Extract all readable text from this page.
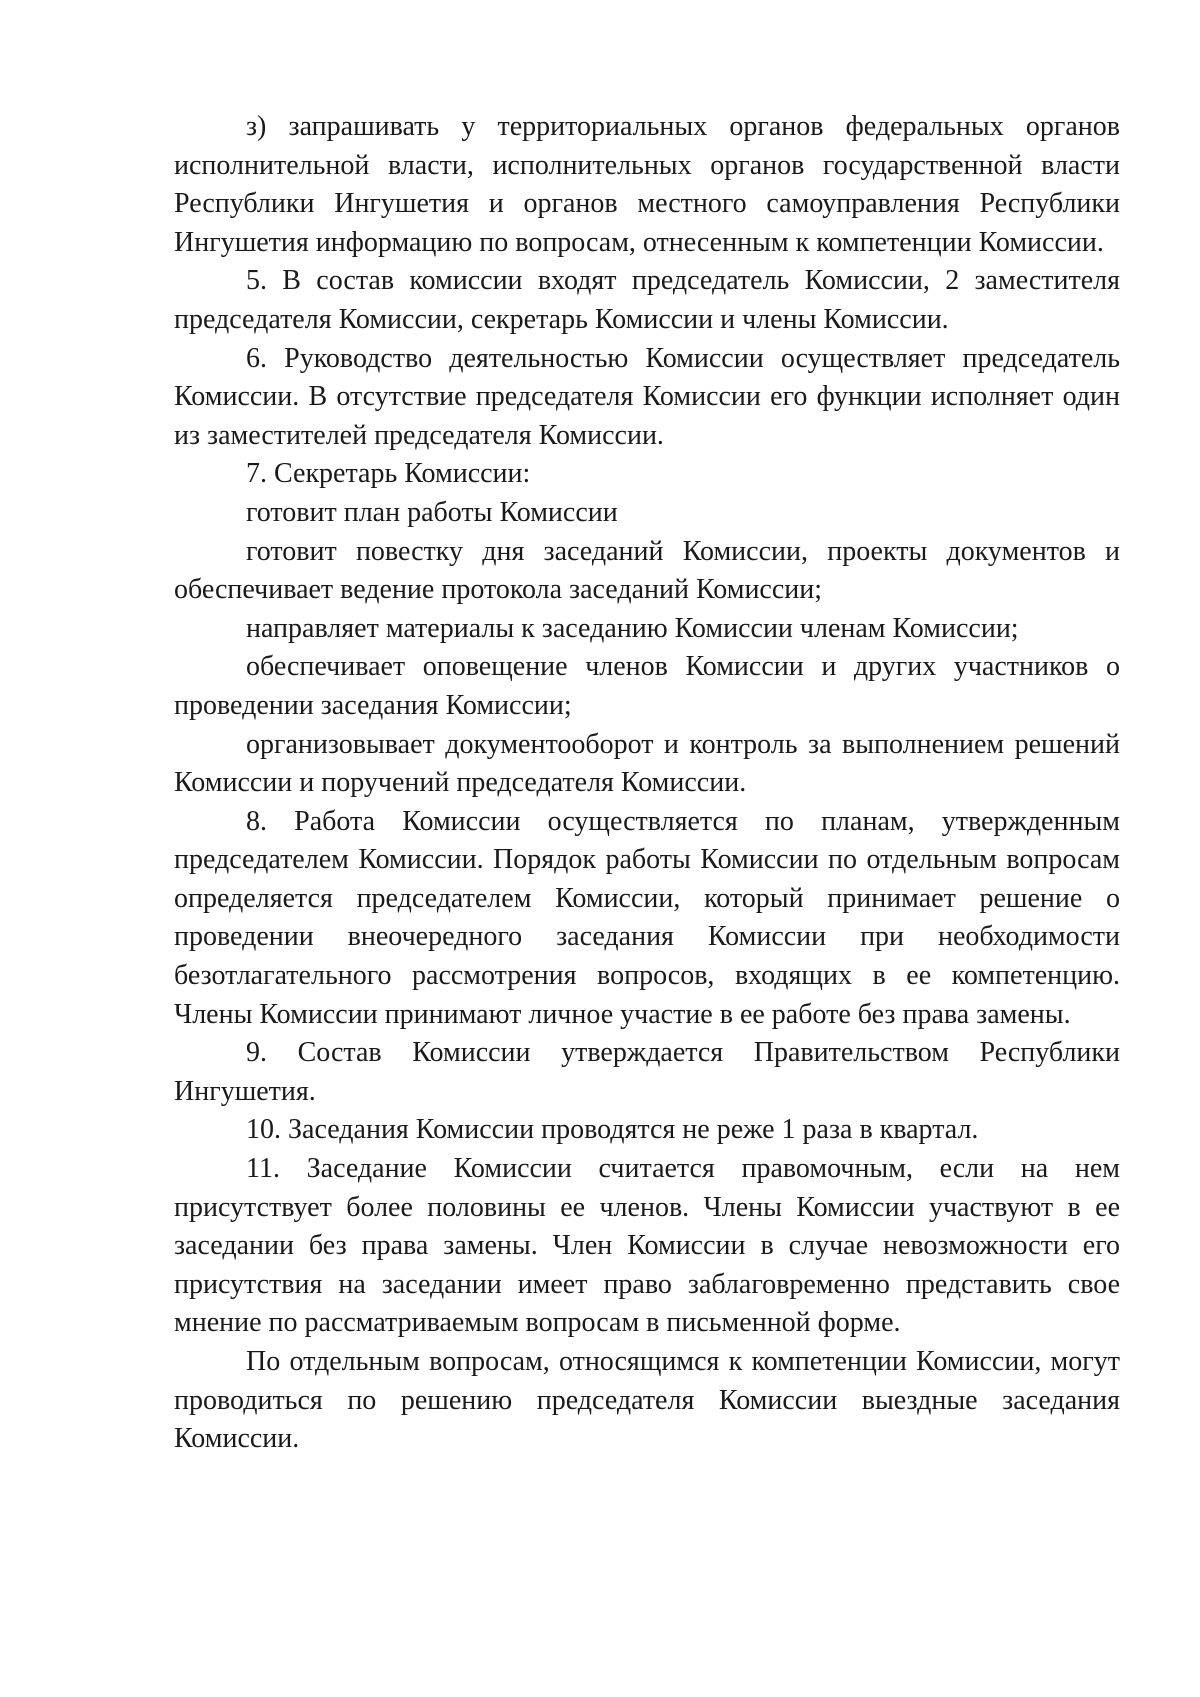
з) запрашивать у территориальных органов федеральных органов исполнительной власти, исполнительных органов государственной власти Республики Ингушетия и органов местного самоуправления Республики Ингушетия информацию по вопросам, отнесенным к компетенции Комиссии.

5. В состав комиссии входят председатель Комиссии, 2 заместителя председателя Комиссии, секретарь Комиссии и члены Комиссии.

6. Руководство деятельностью Комиссии осуществляет председатель Комиссии. В отсутствие председателя Комиссии его функции исполняет один из заместителей председателя Комиссии.

7. Секретарь Комиссии:

готовит план работы Комиссии

готовит повестку дня заседаний Комиссии, проекты документов и обеспечивает ведение протокола заседаний Комиссии;

направляет материалы к заседанию Комиссии членам Комиссии;

обеспечивает оповещение членов Комиссии и других участников о проведении заседания Комиссии;

организовывает документооборот и контроль за выполнением решений Комиссии и поручений председателя Комиссии.

8. Работа Комиссии осуществляется по планам, утвержденным председателем Комиссии. Порядок работы Комиссии по отдельным вопросам определяется председателем Комиссии, который принимает решение о проведении внеочередного заседания Комиссии при необходимости безотлагательного рассмотрения вопросов, входящих в ее компетенцию. Члены Комиссии принимают личное участие в ее работе без права замены.

9. Состав Комиссии утверждается Правительством Республики Ингушетия.

10. Заседания Комиссии проводятся не реже 1 раза в квартал.

11. Заседание Комиссии считается правомочным, если на нем присутствует более половины ее членов. Члены Комиссии участвуют в ее заседании без права замены. Член Комиссии в случае невозможности его присутствия на заседании имеет право заблаговременно представить свое мнение по рассматриваемым вопросам в письменной форме.

По отдельным вопросам, относящимся к компетенции Комиссии, могут проводиться по решению председателя Комиссии выездные заседания Комиссии.
